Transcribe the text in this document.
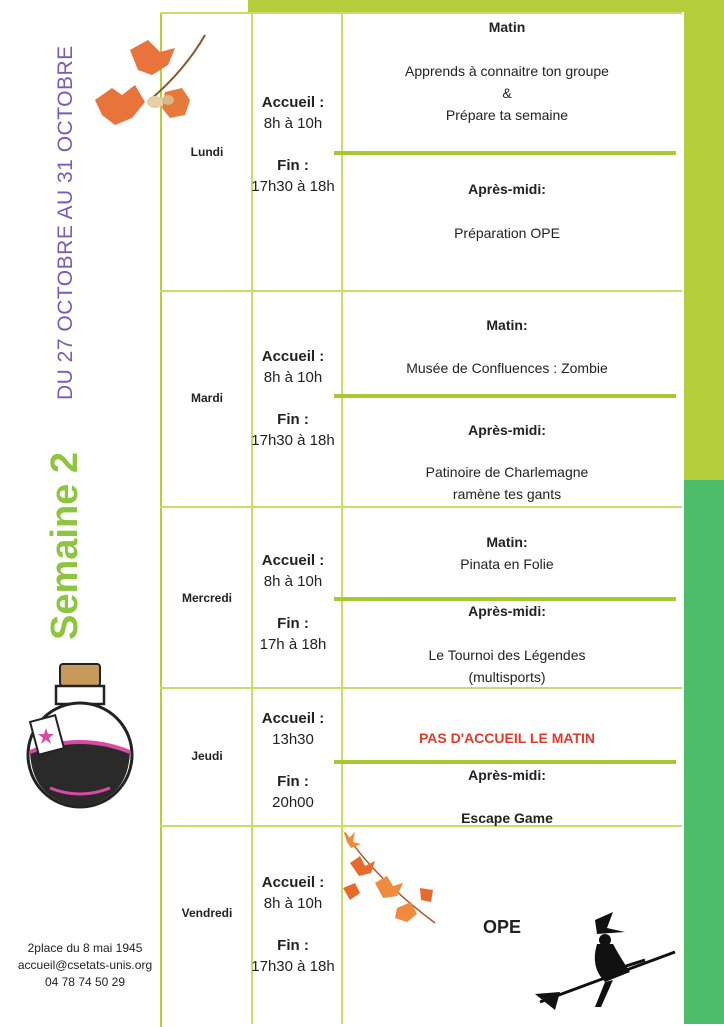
Lundi
Accueil :
8h à 10h
Fin :
17h30 à 18h
Matin
Apprends à connaitre ton groupe
&
Prépare ta semaine
Après-midi:
Préparation OPE
Mardi
Accueil :
8h à 10h
Fin :
17h30 à 18h
Matin:
Musée de Confluences : Zombie
Après-midi:
Patinoire de Charlemagne
ramène tes gants
Mercredi
Accueil :
8h à 10h
Fin :
17h à 18h
Matin:
Pinata en Folie
Après-midi:
Le Tournoi des Légendes
(multisports)
Jeudi
Accueil :
13h30
Fin :
20h00
PAS D'ACCUEIL LE MATIN
Après-midi:
Escape Game
Vendredi
Accueil :
8h à 10h
Fin :
17h30 à 18h
OPE
Semaine 2
DU 27 OCTOBRE AU 31 OCTOBRE
2place du 8 mai 1945
accueil@csetats-unis.org
04 78 74 50 29
